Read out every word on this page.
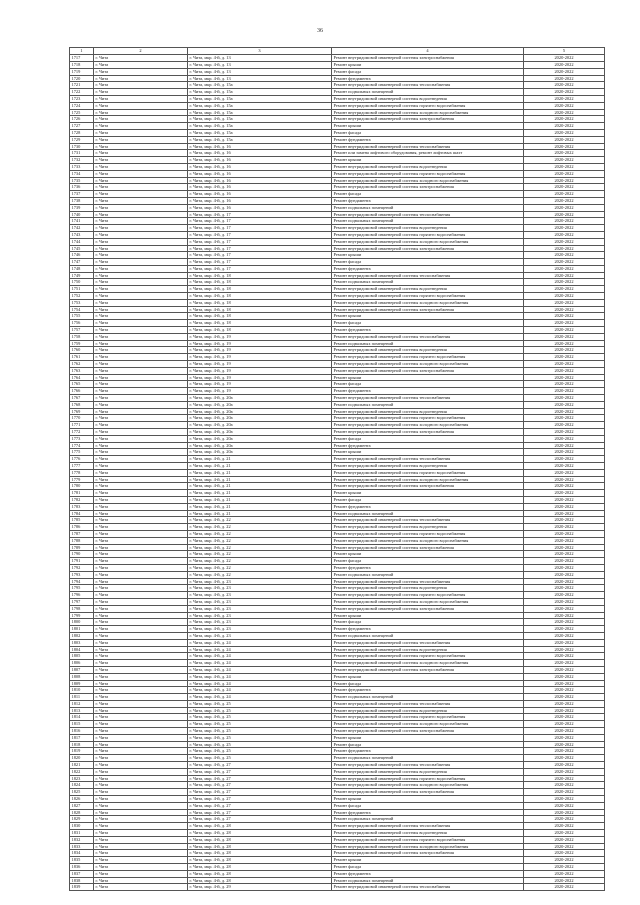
36
1	2	3	4	5
1717	г. Чита	г. Чита, мкр. 4-й, д. 13	Ремонт внутридомовой инженерной системы электроснабжения	2020-2022
1718	г. Чита	г. Чита, мкр. 4-й, д. 13	Ремонт крыши	2020-2022
1719	г. Чита	г. Чита, мкр. 4-й, д. 13	Ремонт фасада	2020-2022
1720	г. Чита	г. Чита, мкр. 4-й, д. 13	Ремонт фундамента	2020-2022
1721	г. Чита	г. Чита, мкр. 4-й, д. 15а	Ремонт внутридомовой инженерной системы теплоснабжения	2020-2022
1722	г. Чита	г. Чита, мкр. 4-й, д. 15а	Ремонт подвальных помещений	2020-2022
1723	г. Чита	г. Чита, мкр. 4-й, д. 15а	Ремонт внутридомовой инженерной системы водоотведения	2020-2022
1724	г. Чита	г. Чита, мкр. 4-й, д. 15а	Ремонт внутридомовой инженерной системы горячего водоснабжения	2020-2022
1725	г. Чита	г. Чита, мкр. 4-й, д. 15а	Ремонт внутридомовой инженерной системы холодного водоснабжения	2020-2022
1726	г. Чита	г. Чита, мкр. 4-й, д. 15а	Ремонт внутридомовой инженерной системы электроснабжения	2020-2022
1727	г. Чита	г. Чита, мкр. 4-й, д. 15а	Ремонт крыши	2020-2022
1728	г. Чита	г. Чита, мкр. 4-й, д. 15а	Ремонт фасада	2020-2022
1729	г. Чита	г. Чита, мкр. 4-й, д. 15а	Ремонт фундамента	2020-2022
1730	г. Чита	г. Чита, мкр. 4-й, д. 16	Ремонт внутридомовой инженерной системы теплоснабжения	2020-2022
1731	г. Чита	г. Чита, мкр. 4-й, д. 16	Ремонт или замена лифтового оборудования, ремонт лифтовых шахт	2020-2022
1732	г. Чита	г. Чита, мкр. 4-й, д. 16	Ремонт крыши	2020-2022
1733	г. Чита	г. Чита, мкр. 4-й, д. 16	Ремонт внутридомовой инженерной системы водоотведения	2020-2022
1734	г. Чита	г. Чита, мкр. 4-й, д. 16	Ремонт внутридомовой инженерной системы горячего водоснабжения	2020-2022
1735	г. Чита	г. Чита, мкр. 4-й, д. 16	Ремонт внутридомовой инженерной системы холодного водоснабжения	2020-2022
1736	г. Чита	г. Чита, мкр. 4-й, д. 16	Ремонт внутридомовой инженерной системы электроснабжения	2020-2022
1737	г. Чита	г. Чита, мкр. 4-й, д. 16	Ремонт фасада	2020-2022
1738	г. Чита	г. Чита, мкр. 4-й, д. 16	Ремонт фундамента	2020-2022
1739	г. Чита	г. Чита, мкр. 4-й, д. 16	Ремонт подвальных помещений	2020-2022
1740	г. Чита	г. Чита, мкр. 4-й, д. 17	Ремонт внутридомовой инженерной системы теплоснабжения	2020-2022
1741	г. Чита	г. Чита, мкр. 4-й, д. 17	Ремонт подвальных помещений	2020-2022
1742	г. Чита	г. Чита, мкр. 4-й, д. 17	Ремонт внутридомовой инженерной системы водоотведения	2020-2022
1743	г. Чита	г. Чита, мкр. 4-й, д. 17	Ремонт внутридомовой инженерной системы горячего водоснабжения	2020-2022
1744	г. Чита	г. Чита, мкр. 4-й, д. 17	Ремонт внутридомовой инженерной системы холодного водоснабжения	2020-2022
1745	г. Чита	г. Чита, мкр. 4-й, д. 17	Ремонт внутридомовой инженерной системы электроснабжения	2020-2022
1746	г. Чита	г. Чита, мкр. 4-й, д. 17	Ремонт крыши	2020-2022
1747	г. Чита	г. Чита, мкр. 4-й, д. 17	Ремонт фасада	2020-2022
1748	г. Чита	г. Чита, мкр. 4-й, д. 17	Ремонт фундамента	2020-2022
1749	г. Чита	г. Чита, мкр. 4-й, д. 18	Ремонт внутридомовой инженерной системы теплоснабжения	2020-2022
1750	г. Чита	г. Чита, мкр. 4-й, д. 18	Ремонт подвальных помещений	2020-2022
1751	г. Чита	г. Чита, мкр. 4-й, д. 18	Ремонт внутридомовой инженерной системы водоотведения	2020-2022
1752	г. Чита	г. Чита, мкр. 4-й, д. 18	Ремонт внутридомовой инженерной системы горячего водоснабжения	2020-2022
1753	г. Чита	г. Чита, мкр. 4-й, д. 18	Ремонт внутридомовой инженерной системы холодного водоснабжения	2020-2022
1754	г. Чита	г. Чита, мкр. 4-й, д. 18	Ремонт внутридомовой инженерной системы электроснабжения	2020-2022
1755	г. Чита	г. Чита, мкр. 4-й, д. 18	Ремонт крыши	2020-2022
1756	г. Чита	г. Чита, мкр. 4-й, д. 18	Ремонт фасада	2020-2022
1757	г. Чита	г. Чита, мкр. 4-й, д. 18	Ремонт фундамента	2020-2022
1758	г. Чита	г. Чита, мкр. 4-й, д. 19	Ремонт внутридомовой инженерной системы теплоснабжения	2020-2022
1759	г. Чита	г. Чита, мкр. 4-й, д. 19	Ремонт подвальных помещений	2020-2022
1760	г. Чита	г. Чита, мкр. 4-й, д. 19	Ремонт внутридомовой инженерной системы водоотведения	2020-2022
1761	г. Чита	г. Чита, мкр. 4-й, д. 19	Ремонт внутридомовой инженерной системы горячего водоснабжения	2020-2022
1762	г. Чита	г. Чита, мкр. 4-й, д. 19	Ремонт внутридомовой инженерной системы холодного водоснабжения	2020-2022
1763	г. Чита	г. Чита, мкр. 4-й, д. 19	Ремонт внутридомовой инженерной системы электроснабжения	2020-2022
1764	г. Чита	г. Чита, мкр. 4-й, д. 19	Ремонт крыши	2020-2022
1765	г. Чита	г. Чита, мкр. 4-й, д. 19	Ремонт фасада	2020-2022
1766	г. Чита	г. Чита, мкр. 4-й, д. 19	Ремонт фундамента	2020-2022
1767	г. Чита	г. Чита, мкр. 4-й, д. 20а	Ремонт внутридомовой инженерной системы теплоснабжения	2020-2022
1768	г. Чита	г. Чита, мкр. 4-й, д. 20а	Ремонт подвальных помещений	2020-2022
1769	г. Чита	г. Чита, мкр. 4-й, д. 20а	Ремонт внутридомовой инженерной системы водоотведения	2020-2022
1770	г. Чита	г. Чита, мкр. 4-й, д. 20а	Ремонт внутридомовой инженерной системы горячего водоснабжения	2020-2022
1771	г. Чита	г. Чита, мкр. 4-й, д. 20а	Ремонт внутридомовой инженерной системы холодного водоснабжения	2020-2022
1772	г. Чита	г. Чита, мкр. 4-й, д. 20а	Ремонт внутридомовой инженерной системы электроснабжения	2020-2022
1773	г. Чита	г. Чита, мкр. 4-й, д. 20а	Ремонт фасада	2020-2022
1774	г. Чита	г. Чита, мкр. 4-й, д. 20а	Ремонт фундамента	2020-2022
1775	г. Чита	г. Чита, мкр. 4-й, д. 20а	Ремонт крыши	2020-2022
1776	г. Чита	г. Чита, мкр. 4-й, д. 21	Ремонт внутридомовой инженерной системы теплоснабжения	2020-2022
1777	г. Чита	г. Чита, мкр. 4-й, д. 21	Ремонт внутридомовой инженерной системы водоотведения	2020-2022
1778	г. Чита	г. Чита, мкр. 4-й, д. 21	Ремонт внутридомовой инженерной системы горячего водоснабжения	2020-2022
1779	г. Чита	г. Чита, мкр. 4-й, д. 21	Ремонт внутридомовой инженерной системы холодного водоснабжения	2020-2022
1780	г. Чита	г. Чита, мкр. 4-й, д. 21	Ремонт внутридомовой инженерной системы электроснабжения	2020-2022
1781	г. Чита	г. Чита, мкр. 4-й, д. 21	Ремонт крыши	2020-2022
1782	г. Чита	г. Чита, мкр. 4-й, д. 21	Ремонт фасада	2020-2022
1783	г. Чита	г. Чита, мкр. 4-й, д. 21	Ремонт фундамента	2020-2022
1784	г. Чита	г. Чита, мкр. 4-й, д. 21	Ремонт подвальных помещений	2020-2022
1785	г. Чита	г. Чита, мкр. 4-й, д. 22	Ремонт внутридомовой инженерной системы теплоснабжения	2020-2022
1786	г. Чита	г. Чита, мкр. 4-й, д. 22	Ремонт внутридомовой инженерной системы водоотведения	2020-2022
1787	г. Чита	г. Чита, мкр. 4-й, д. 22	Ремонт внутридомовой инженерной системы горячего водоснабжения	2020-2022
1788	г. Чита	г. Чита, мкр. 4-й, д. 22	Ремонт внутридомовой инженерной системы холодного водоснабжения	2020-2022
1789	г. Чита	г. Чита, мкр. 4-й, д. 22	Ремонт внутридомовой инженерной системы электроснабжения	2020-2022
1790	г. Чита	г. Чита, мкр. 4-й, д. 22	Ремонт крыши	2020-2022
1791	г. Чита	г. Чита, мкр. 4-й, д. 22	Ремонт фасада	2020-2022
1792	г. Чита	г. Чита, мкр. 4-й, д. 22	Ремонт фундамента	2020-2022
1793	г. Чита	г. Чита, мкр. 4-й, д. 22	Ремонт подвальных помещений	2020-2022
1794	г. Чита	г. Чита, мкр. 4-й, д. 23	Ремонт внутридомовой инженерной системы теплоснабжения	2020-2022
1795	г. Чита	г. Чита, мкр. 4-й, д. 23	Ремонт внутридомовой инженерной системы водоотведения	2020-2022
1796	г. Чита	г. Чита, мкр. 4-й, д. 23	Ремонт внутридомовой инженерной системы горячего водоснабжения	2020-2022
1797	г. Чита	г. Чита, мкр. 4-й, д. 23	Ремонт внутридомовой инженерной системы холодного водоснабжения	2020-2022
1798	г. Чита	г. Чита, мкр. 4-й, д. 23	Ремонт внутридомовой инженерной системы электроснабжения	2020-2022
1799	г. Чита	г. Чита, мкр. 4-й, д. 23	Ремонт крыши	2020-2022
1800	г. Чита	г. Чита, мкр. 4-й, д. 23	Ремонт фасада	2020-2022
1801	г. Чита	г. Чита, мкр. 4-й, д. 23	Ремонт фундамента	2020-2022
1802	г. Чита	г. Чита, мкр. 4-й, д. 23	Ремонт подвальных помещений	2020-2022
1803	г. Чита	г. Чита, мкр. 4-й, д. 24	Ремонт внутридомовой инженерной системы теплоснабжения	2020-2022
1804	г. Чита	г. Чита, мкр. 4-й, д. 24	Ремонт внутридомовой инженерной системы водоотведения	2020-2022
1805	г. Чита	г. Чита, мкр. 4-й, д. 24	Ремонт внутридомовой инженерной системы горячего водоснабжения	2020-2022
1806	г. Чита	г. Чита, мкр. 4-й, д. 24	Ремонт внутридомовой инженерной системы холодного водоснабжения	2020-2022
1807	г. Чита	г. Чита, мкр. 4-й, д. 24	Ремонт внутридомовой инженерной системы электроснабжения	2020-2022
1808	г. Чита	г. Чита, мкр. 4-й, д. 24	Ремонт крыши	2020-2022
1809	г. Чита	г. Чита, мкр. 4-й, д. 24	Ремонт фасада	2020-2022
1810	г. Чита	г. Чита, мкр. 4-й, д. 24	Ремонт фундамента	2020-2022
1811	г. Чита	г. Чита, мкр. 4-й, д. 24	Ремонт подвальных помещений	2020-2022
1812	г. Чита	г. Чита, мкр. 4-й, д. 25	Ремонт внутридомовой инженерной системы теплоснабжения	2020-2022
1813	г. Чита	г. Чита, мкр. 4-й, д. 25	Ремонт внутридомовой инженерной системы водоотведения	2020-2022
1814	г. Чита	г. Чита, мкр. 4-й, д. 25	Ремонт внутридомовой инженерной системы горячего водоснабжения	2020-2022
1815	г. Чита	г. Чита, мкр. 4-й, д. 25	Ремонт внутридомовой инженерной системы холодного водоснабжения	2020-2022
1816	г. Чита	г. Чита, мкр. 4-й, д. 25	Ремонт внутридомовой инженерной системы электроснабжения	2020-2022
1817	г. Чита	г. Чита, мкр. 4-й, д. 25	Ремонт крыши	2020-2022
1818	г. Чита	г. Чита, мкр. 4-й, д. 25	Ремонт фасада	2020-2022
1819	г. Чита	г. Чита, мкр. 4-й, д. 25	Ремонт фундамента	2020-2022
1820	г. Чита	г. Чита, мкр. 4-й, д. 25	Ремонт подвальных помещений	2020-2022
1821	г. Чита	г. Чита, мкр. 4-й, д. 27	Ремонт внутридомовой инженерной системы теплоснабжения	2020-2022
1822	г. Чита	г. Чита, мкр. 4-й, д. 27	Ремонт внутридомовой инженерной системы водоотведения	2020-2022
1823	г. Чита	г. Чита, мкр. 4-й, д. 27	Ремонт внутридомовой инженерной системы горячего водоснабжения	2020-2022
1824	г. Чита	г. Чита, мкр. 4-й, д. 27	Ремонт внутридомовой инженерной системы холодного водоснабжения	2020-2022
1825	г. Чита	г. Чита, мкр. 4-й, д. 27	Ремонт внутридомовой инженерной системы электроснабжения	2020-2022
1826	г. Чита	г. Чита, мкр. 4-й, д. 27	Ремонт крыши	2020-2022
1827	г. Чита	г. Чита, мкр. 4-й, д. 27	Ремонт фасада	2020-2022
1828	г. Чита	г. Чита, мкр. 4-й, д. 27	Ремонт фундамента	2020-2022
1829	г. Чита	г. Чита, мкр. 4-й, д. 27	Ремонт подвальных помещений	2020-2022
1830	г. Чита	г. Чита, мкр. 4-й, д. 28	Ремонт внутридомовой инженерной системы теплоснабжения	2020-2022
1831	г. Чита	г. Чита, мкр. 4-й, д. 28	Ремонт внутридомовой инженерной системы водоотведения	2020-2022
1832	г. Чита	г. Чита, мкр. 4-й, д. 28	Ремонт внутридомовой инженерной системы горячего водоснабжения	2020-2022
1833	г. Чита	г. Чита, мкр. 4-й, д. 28	Ремонт внутридомовой инженерной системы холодного водоснабжения	2020-2022
1834	г. Чита	г. Чита, мкр. 4-й, д. 28	Ремонт внутридомовой инженерной системы электроснабжения	2020-2022
1835	г. Чита	г. Чита, мкр. 4-й, д. 28	Ремонт крыши	2020-2022
1836	г. Чита	г. Чита, мкр. 4-й, д. 28	Ремонт фасада	2020-2022
1837	г. Чита	г. Чита, мкр. 4-й, д. 28	Ремонт фундамента	2020-2022
1838	г. Чита	г. Чита, мкр. 4-й, д. 28	Ремонт подвальных помещений	2020-2022
1839	г. Чита	г. Чита, мкр. 4-й, д. 29	Ремонт внутридомовой инженерной системы теплоснабжения	2020-2022
